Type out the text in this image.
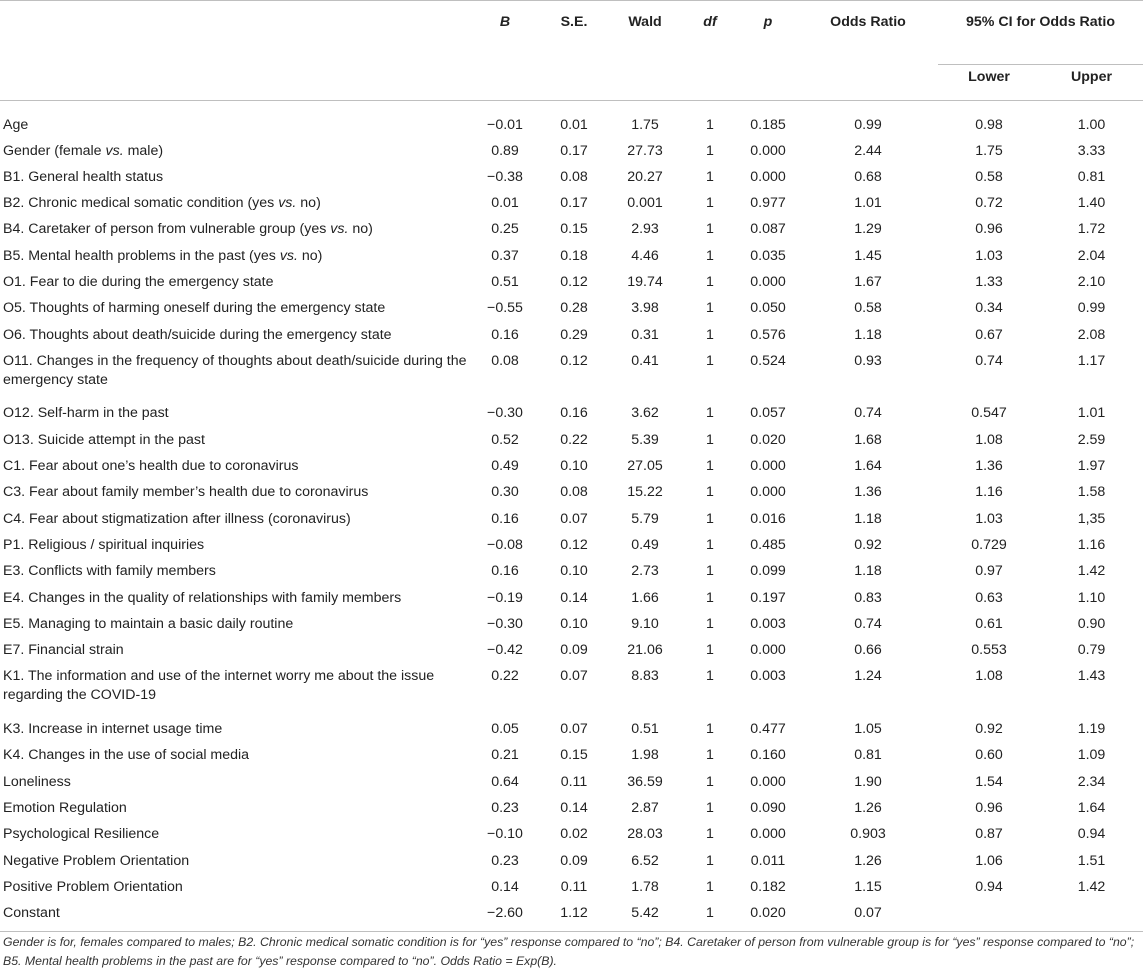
	B	S.E.	Wald	df	p	Odds Ratio	95% CI for Odds Ratio	
							Lower	Upper
Age	−0.01	0.01	1.75	1	0.185	0.99	0.98	1.00
Gender (female vs. male)	0.89	0.17	27.73	1	0.000	2.44	1.75	3.33
B1. General health status	−0.38	0.08	20.27	1	0.000	0.68	0.58	0.81
B2. Chronic medical somatic condition (yes vs. no)	0.01	0.17	0.001	1	0.977	1.01	0.72	1.40
B4. Caretaker of person from vulnerable group (yes vs. no)	0.25	0.15	2.93	1	0.087	1.29	0.96	1.72
B5. Mental health problems in the past (yes vs. no)	0.37	0.18	4.46	1	0.035	1.45	1.03	2.04
O1. Fear to die during the emergency state	0.51	0.12	19.74	1	0.000	1.67	1.33	2.10
O5. Thoughts of harming oneself during the emergency state	−0.55	0.28	3.98	1	0.050	0.58	0.34	0.99
O6. Thoughts about death/suicide during the emergency state	0.16	0.29	0.31	1	0.576	1.18	0.67	2.08
O11. Changes in the frequency of thoughts about death/suicide during the emergency state	0.08	0.12	0.41	1	0.524	0.93	0.74	1.17
O12. Self-harm in the past	−0.30	0.16	3.62	1	0.057	0.74	0.547	1.01
O13. Suicide attempt in the past	0.52	0.22	5.39	1	0.020	1.68	1.08	2.59
C1. Fear about one’s health due to coronavirus	0.49	0.10	27.05	1	0.000	1.64	1.36	1.97
C3. Fear about family member’s health due to coronavirus	0.30	0.08	15.22	1	0.000	1.36	1.16	1.58
C4. Fear about stigmatization after illness (coronavirus)	0.16	0.07	5.79	1	0.016	1.18	1.03	1,35
P1. Religious / spiritual inquiries	−0.08	0.12	0.49	1	0.485	0.92	0.729	1.16
E3. Conflicts with family members	0.16	0.10	2.73	1	0.099	1.18	0.97	1.42
E4. Changes in the quality of relationships with family members	−0.19	0.14	1.66	1	0.197	0.83	0.63	1.10
E5. Managing to maintain a basic daily routine	−0.30	0.10	9.10	1	0.003	0.74	0.61	0.90
E7. Financial strain	−0.42	0.09	21.06	1	0.000	0.66	0.553	0.79
K1. The information and use of the internet worry me about the issue regarding the COVID-19	0.22	0.07	8.83	1	0.003	1.24	1.08	1.43
K3. Increase in internet usage time	0.05	0.07	0.51	1	0.477	1.05	0.92	1.19
K4. Changes in the use of social media	0.21	0.15	1.98	1	0.160	0.81	0.60	1.09
Loneliness	0.64	0.11	36.59	1	0.000	1.90	1.54	2.34
Emotion Regulation	0.23	0.14	2.87	1	0.090	1.26	0.96	1.64
Psychological Resilience	−0.10	0.02	28.03	1	0.000	0.903	0.87	0.94
Negative Problem Orientation	0.23	0.09	6.52	1	0.011	1.26	1.06	1.51
Positive Problem Orientation	0.14	0.11	1.78	1	0.182	1.15	0.94	1.42
Constant	−2.60	1.12	5.42	1	0.020	0.07		
Gender is for, females compared to males; B2. Chronic medical somatic condition is for “yes” response compared to “no”; B4. Caretaker of person from vulnerable group is for “yes” response compared to “no”; B5. Mental health problems in the past are for “yes” response compared to “no”. Odds Ratio = Exp(B).
